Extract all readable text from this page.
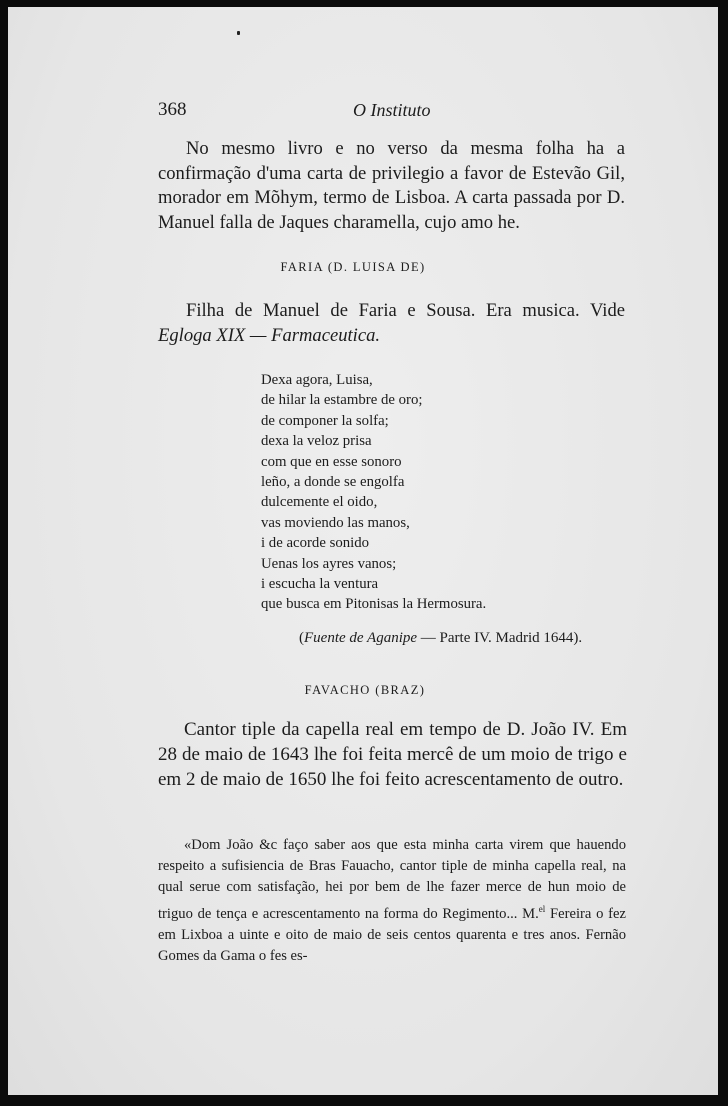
368	O Instituto

No mesmo livro e no verso da mesma folha ha a confirmação d'uma carta de privilegio a favor de Estevão Gil, morador em Mõhym, termo de Lisboa. A carta passada por D. Manuel falla de Jaques charamella, cujo amo he.

FARIA (D. LUISA DE)

Filha de Manuel de Faria e Sousa. Era musica. Vide Egloga XIX — Farmaceutica.

Dexa agora, Luisa,
de hilar la estambre de oro;
de componer la solfa;
dexa la veloz prisa
com que en esse sonoro
leño, a donde se engolfa
dulcemente el oido,
vas moviendo las manos,
i de acorde sonido
Uenas los ayres vanos;
i escucha la ventura
que busca em Pitonisas la Hermosura.
(Fuente de Aganipe — Parte IV. Madrid 1644).
FAVACHO (BRAZ)

Cantor tiple da capella real em tempo de D. João IV. Em 28 de maio de 1643 lhe foi feita mercê de um moio de trigo e em 2 de maio de 1650 lhe foi feito acrescentamento de outro.

«Dom João &c faço saber aos que esta minha carta virem que hauendo respeito a sufisiencia de Bras Fauacho, cantor tiple de minha capella real, na qual serue com satisfação, hei por bem de lhe fazer merce de hun moio de triguo de tença e acrescentamento na forma do Regimento... M.$^{el}$ Fereira o fez em Lixboa a uinte e oito de maio de seis centos quarenta e tres anos. Fernão Gomes da Gama o fes es-
